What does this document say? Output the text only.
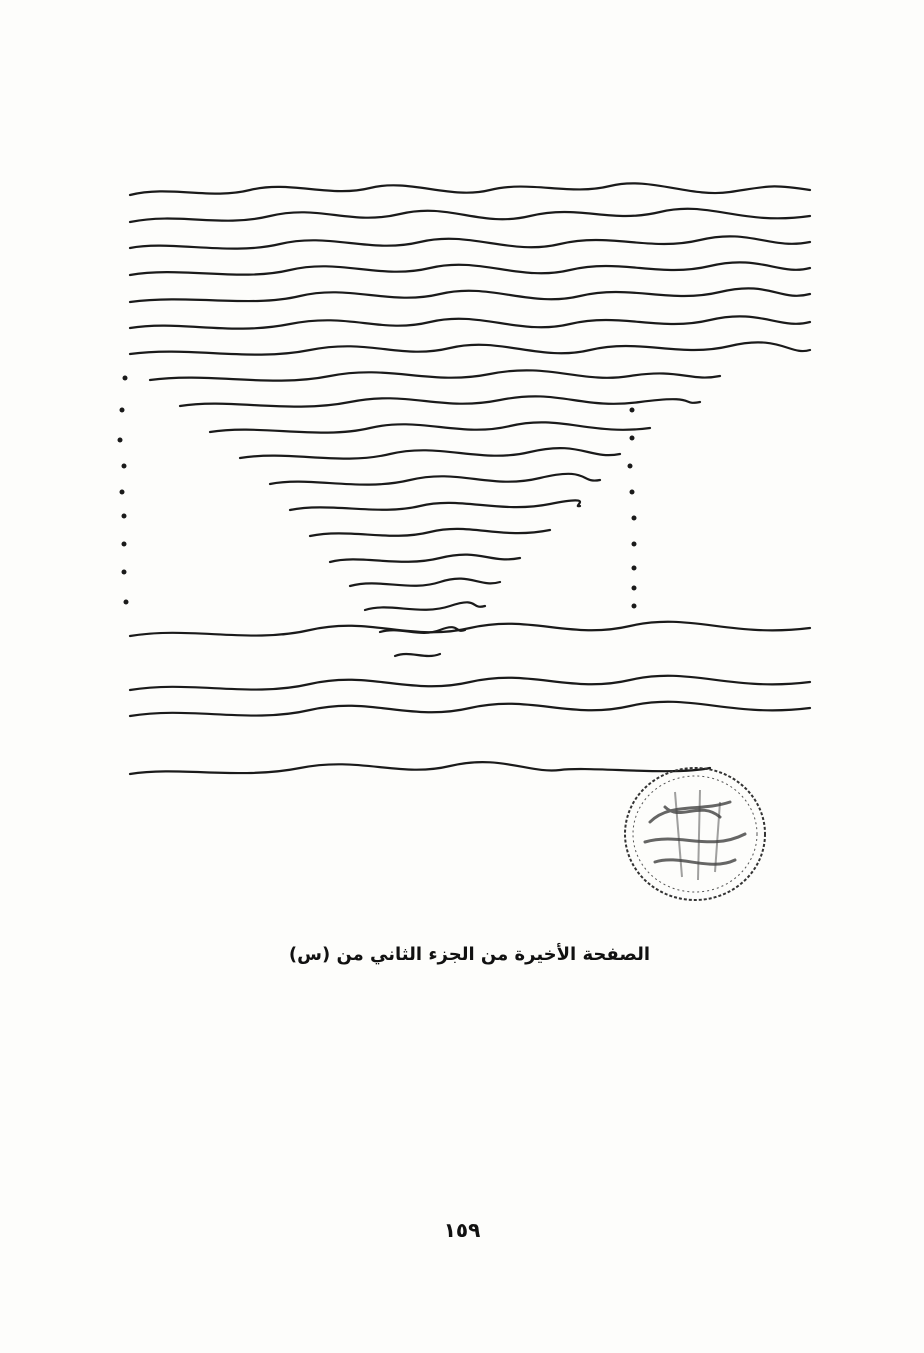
الصفحة الأخيرة من الجزء الثاني من (س)
١٥٩
